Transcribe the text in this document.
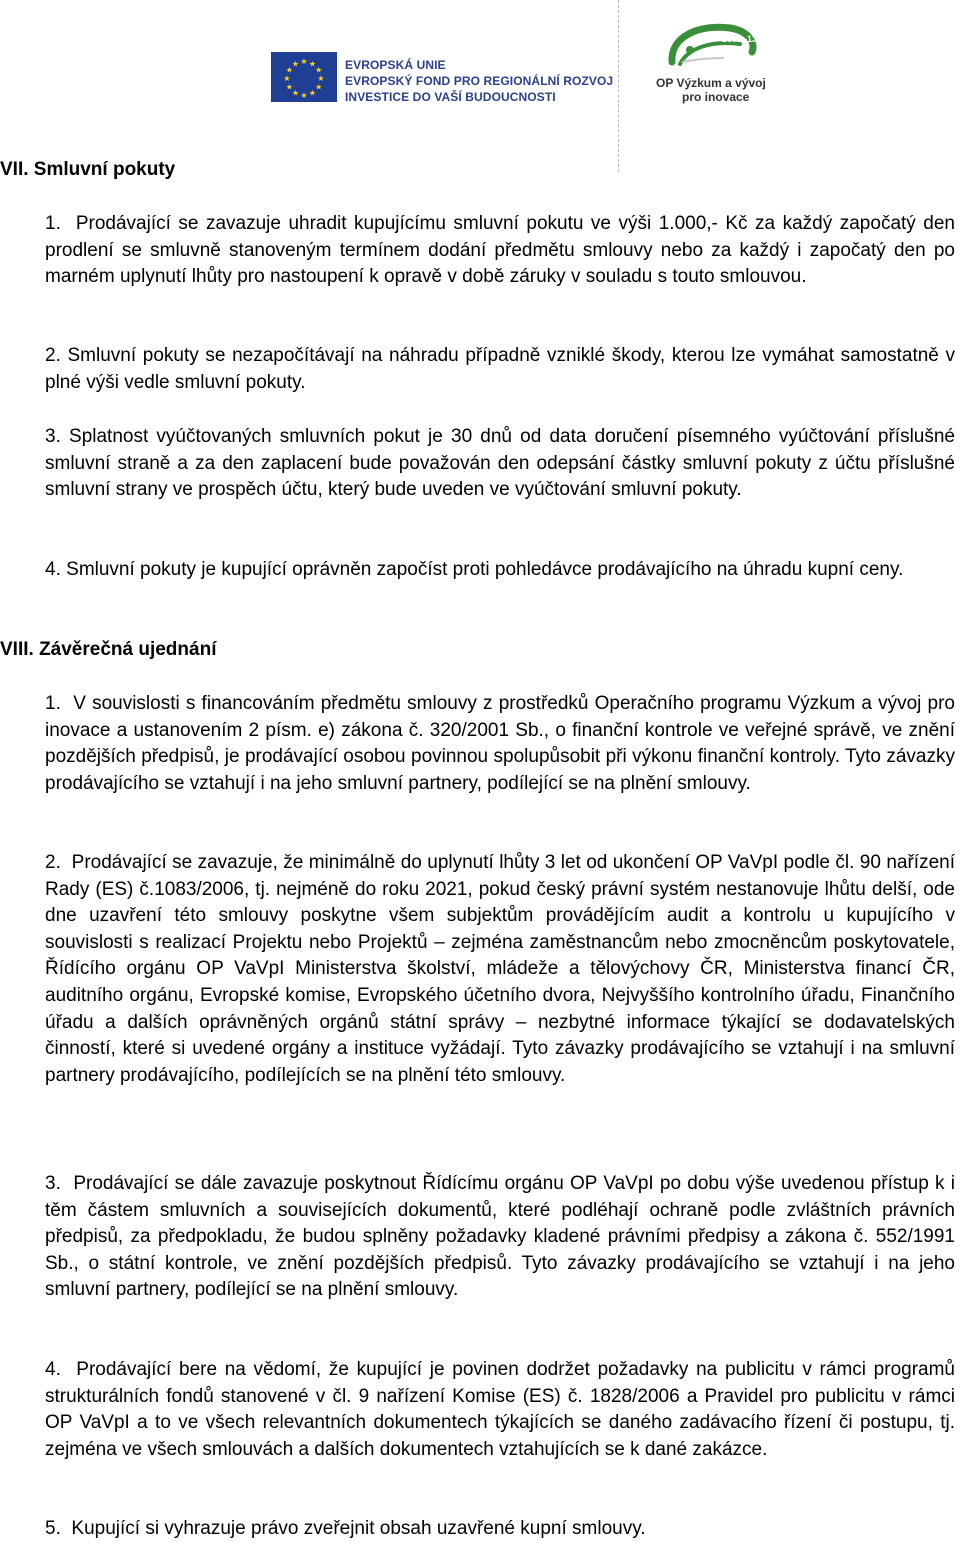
★ ★
★
★
★
★
★
★
★
★
★
★	EVROPSKÁ UNIE
EVROPSKÝ FOND PRO REGIONÁLNÍ ROZVOJ
INVESTICE DO VAŠÍ BUDOUCNOSTI
2007–13
OP Výzkum a vývoj
pro inovace
VII. Smluvní pokuty
1. Prodávající se zavazuje uhradit kupujícímu smluvní pokutu ve výši 1.000,- Kč za každý započatý den prodlení se smluvně stanoveným termínem dodání předmětu smlouvy nebo za každý i započatý den po marném uplynutí lhůty pro nastoupení k opravě v době záruky v souladu s touto smlouvou.
2. Smluvní pokuty se nezapočítávají na náhradu případně vzniklé škody, kterou lze vymáhat samostatně v plné výši vedle smluvní pokuty.
3. Splatnost vyúčtovaných smluvních pokut je 30 dnů od data doručení písemného vyúčtování příslušné smluvní straně a za den zaplacení bude považován den odepsání částky smluvní pokuty z účtu příslušné smluvní strany ve prospěch účtu, který bude uveden ve vyúčtování smluvní pokuty.
4. Smluvní pokuty je kupující oprávněn započíst proti pohledávce prodávajícího na úhradu kupní ceny.
VIII. Závěrečná ujednání
1. V souvislosti s financováním předmětu smlouvy z prostředků Operačního programu Výzkum a vývoj pro inovace a ustanovením 2 písm. e) zákona č. 320/2001 Sb., o finanční kontrole ve veřejné správě, ve znění pozdějších předpisů, je prodávající osobou povinnou spolupůsobit při výkonu finanční kontroly. Tyto závazky prodávajícího se vztahují i na jeho smluvní partnery, podílející se na plnění smlouvy.
2. Prodávající se zavazuje, že minimálně do uplynutí lhůty 3 let od ukončení OP VaVpI podle čl. 90 nařízení Rady (ES) č.1083/2006, tj. nejméně do roku 2021, pokud český právní systém nestanovuje lhůtu delší, ode dne uzavření této smlouvy poskytne všem subjektům provádějícím audit a kontrolu u kupujícího v souvislosti s realizací Projektu nebo Projektů – zejména zaměstnancům nebo zmocněncům poskytovatele, Řídícího orgánu OP VaVpI Ministerstva školství, mládeže a tělovýchovy ČR, Ministerstva financí ČR, auditního orgánu, Evropské komise, Evropského účetního dvora, Nejvyššího kontrolního úřadu, Finančního úřadu a dalších oprávněných orgánů státní správy – nezbytné informace týkající se dodavatelských činností, které si uvedené orgány a instituce vyžádají. Tyto závazky prodávajícího se vztahují i na smluvní partnery prodávajícího, podílejících se na plnění této smlouvy.
3. Prodávající se dále zavazuje poskytnout Řídícímu orgánu OP VaVpI po dobu výše uvedenou přístup k i těm částem smluvních a souvisejících dokumentů, které podléhají ochraně podle zvláštních právních předpisů, za předpokladu, že budou splněny požadavky kladené právními předpisy a zákona č. 552/1991 Sb., o státní kontrole, ve znění pozdějších předpisů. Tyto závazky prodávajícího se vztahují i na jeho smluvní partnery, podílející se na plnění smlouvy.
4. Prodávající bere na vědomí, že kupující je povinen dodržet požadavky na publicitu v rámci programů strukturálních fondů stanovené v čl. 9 nařízení Komise (ES) č. 1828/2006 a Pravidel pro publicitu v rámci OP VaVpI a to ve všech relevantních dokumentech týkajících se daného zadávacího řízení či postupu, tj. zejména ve všech smlouvách a dalších dokumentech vztahujících se k dané zakázce.
5. Kupující si vyhrazuje právo zveřejnit obsah uzavřené kupní smlouvy.
